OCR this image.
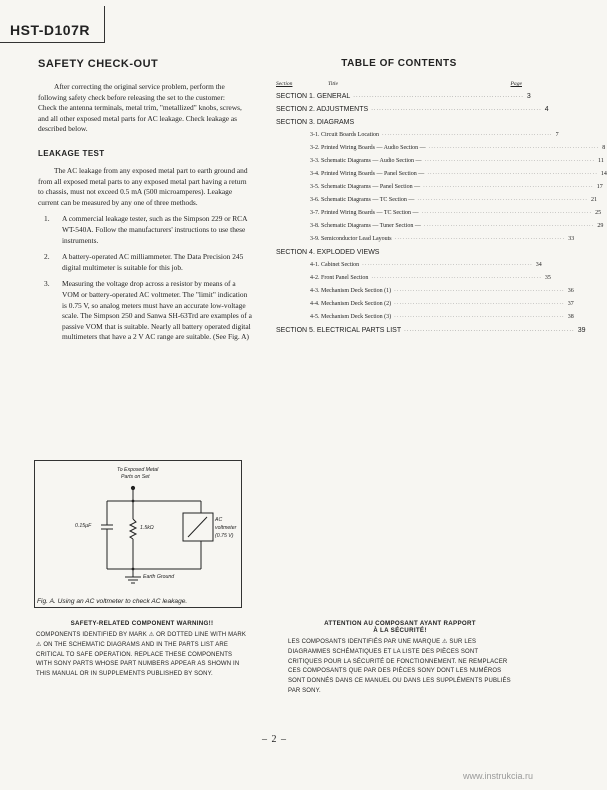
HST-D107R
SAFETY CHECK-OUT

After correcting the original service problem, perform the following safety check before releasing the set to the customer:

Check the antenna terminals, metal trim, "metallized" knobs, screws, and all other exposed metal parts for AC leakage. Check leakage as described below.

LEAKAGE TEST

The AC leakage from any exposed metal part to earth ground and from all exposed metal parts to any exposed metal part having a return to chassis, must not exceed 0.5 mA (500 microamperes). Leakage current can be measured by any one of three methods.

1.	A commercial leakage tester, such as the Simpson 229 or RCA WT-540A. Follow the manufacturers' instructions to use these instruments.
2.	A battery-operated AC milliammeter. The Data Precision 245 digital multimeter is suitable for this job.
3.	Measuring the voltage drop across a resistor by means of a VOM or battery-operated AC voltmeter. The "limit" indication is 0.75 V, so analog meters must have an accurate low-voltage scale. The Simpson 250 and Sanwa SH-63Trd are examples of a passive VOM that is suitable. Nearly all battery operated digital multimeters that have a 2 V AC range are suitable. (See Fig. A)
To Exposed Metal
Parts on Set
0.15µF	1.5kΩ
AC
voltmeter
(0.75 V)
Earth Ground
Fig. A. Using an AC voltmeter to check AC leakage.
TABLE OF CONTENTS
Section	Title	Page
SECTION 1. GENERAL ································································ 3
SECTION 2. ADJUSTMENTS ································································ 4
SECTION 3. DIAGRAMS
3-1. Circuit Boards Location ································································ 7
3-2. Printed Wiring Boards — Audio Section — ································································ 8
3-3. Schematic Diagrams — Audio Section — ································································ 11
3-4. Printed Wiring Boards — Panel Section — ································································ 14
3-5. Schematic Diagrams — Panel Section — ································································ 17
3-6. Schematic Diagrams — TC Section — ································································ 21
3-7. Printed Wiring Boards — TC Section — ································································ 25
3-8. Schematic Diagrams — Tuner Section — ································································ 29
3-9. Semiconductor Lead Layouts ································································ 33
SECTION 4. EXPLODED VIEWS
4-1. Cabinet Section ································································ 34
4-2. Front Panel Section ································································ 35
4-3. Mechanism Deck Section (1) ································································ 36
4-4. Mechanism Deck Section (2) ································································ 37
4-5. Mechanism Deck Section (3) ································································ 38
SECTION 5. ELECTRICAL PARTS LIST ································································ 39
SAFETY-RELATED COMPONENT WARNING!!
COMPONENTS IDENTIFIED BY MARK ⚠ OR DOTTED LINE WITH MARK ⚠ ON THE SCHEMATIC DIAGRAMS AND IN THE PARTS LIST ARE CRITICAL TO SAFE OPERATION. REPLACE THESE COMPONENTS WITH SONY PARTS WHOSE PART NUMBERS APPEAR AS SHOWN IN THIS MANUAL OR IN SUPPLEMENTS PUBLISHED BY SONY.
ATTENTION AU COMPOSANT AYANT RAPPORT
À LA SÉCURITÉ!
LES COMPOSANTS IDENTIFIÉS PAR UNE MARQUE ⚠ SUR LES DIAGRAMMES SCHÉMATIQUES ET LA LISTE DES PIÈCES SONT CRITIQUES POUR LA SÉCURITÉ DE FONCTIONNEMENT. NE REMPLACER CES COMPOSANTS QUE PAR DES PIÈCES SONY DONT LES NUMÉROS SONT DONNÉS DANS CE MANUEL OU DANS LES SUPPLÉMENTS PUBLIÉS PAR SONY.
– 2 –
www.instrukcia.ru
